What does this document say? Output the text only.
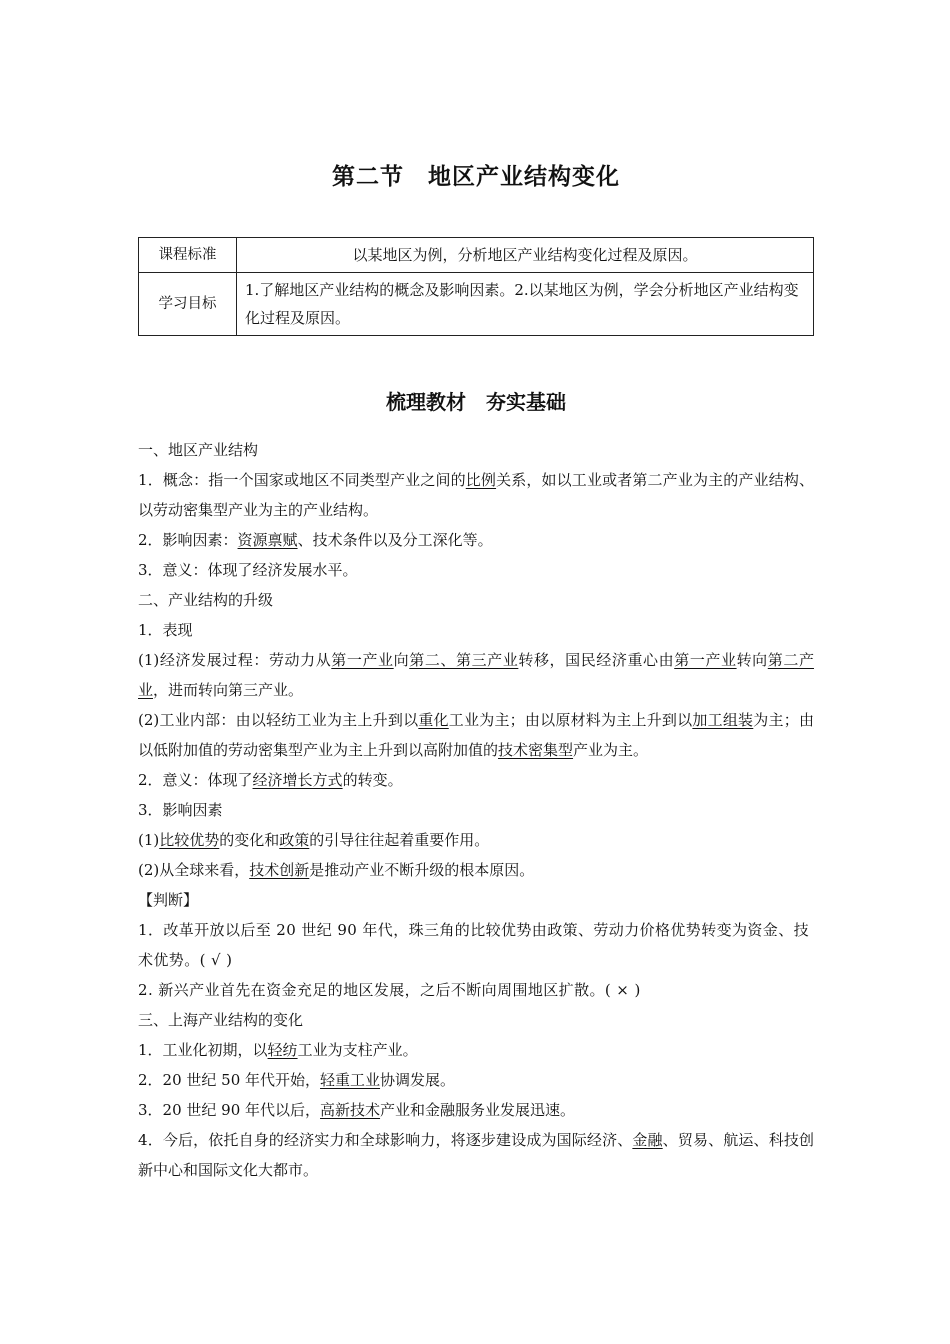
第二节　地区产业结构变化
课程标准	以某地区为例，分析地区产业结构变化过程及原因。
学习目标	1.了解地区产业结构的概念及影响因素。2.以某地区为例，学会分析地区产业结构变化过程及原因。
梳理教材　夯实基础

一、地区产业结构

1．概念：指一个国家或地区不同类型产业之间的比例关系，如以工业或者第二产业为主的产业结构、以劳动密集型产业为主的产业结构。

2．影响因素：资源禀赋、技术条件以及分工深化等。

3．意义：体现了经济发展水平。

二、产业结构的升级

1．表现

(1)经济发展过程：劳动力从第一产业向第二、第三产业转移，国民经济重心由第一产业转向第二产业，进而转向第三产业。

(2)工业内部：由以轻纺工业为主上升到以重化工业为主；由以原材料为主上升到以加工组装为主；由以低附加值的劳动密集型产业为主上升到以高附加值的技术密集型产业为主。

2．意义：体现了经济增长方式的转变。

3．影响因素

(1)比较优势的变化和政策的引导往往起着重要作用。

(2)从全球来看，技术创新是推动产业不断升级的根本原因。

【判断】

1．改革开放以后至 20 世纪 90 年代，珠三角的比较优势由政策、劳动力价格优势转变为资金、技术优势。( √ )

2. 新兴产业首先在资金充足的地区发展，之后不断向周围地区扩散。( × )

三、上海产业结构的变化

1．工业化初期，以轻纺工业为支柱产业。

2．20 世纪 50 年代开始，轻重工业协调发展。

3．20 世纪 90 年代以后，高新技术产业和金融服务业发展迅速。

4．今后，依托自身的经济实力和全球影响力，将逐步建设成为国际经济、金融、贸易、航运、科技创新中心和国际文化大都市。
